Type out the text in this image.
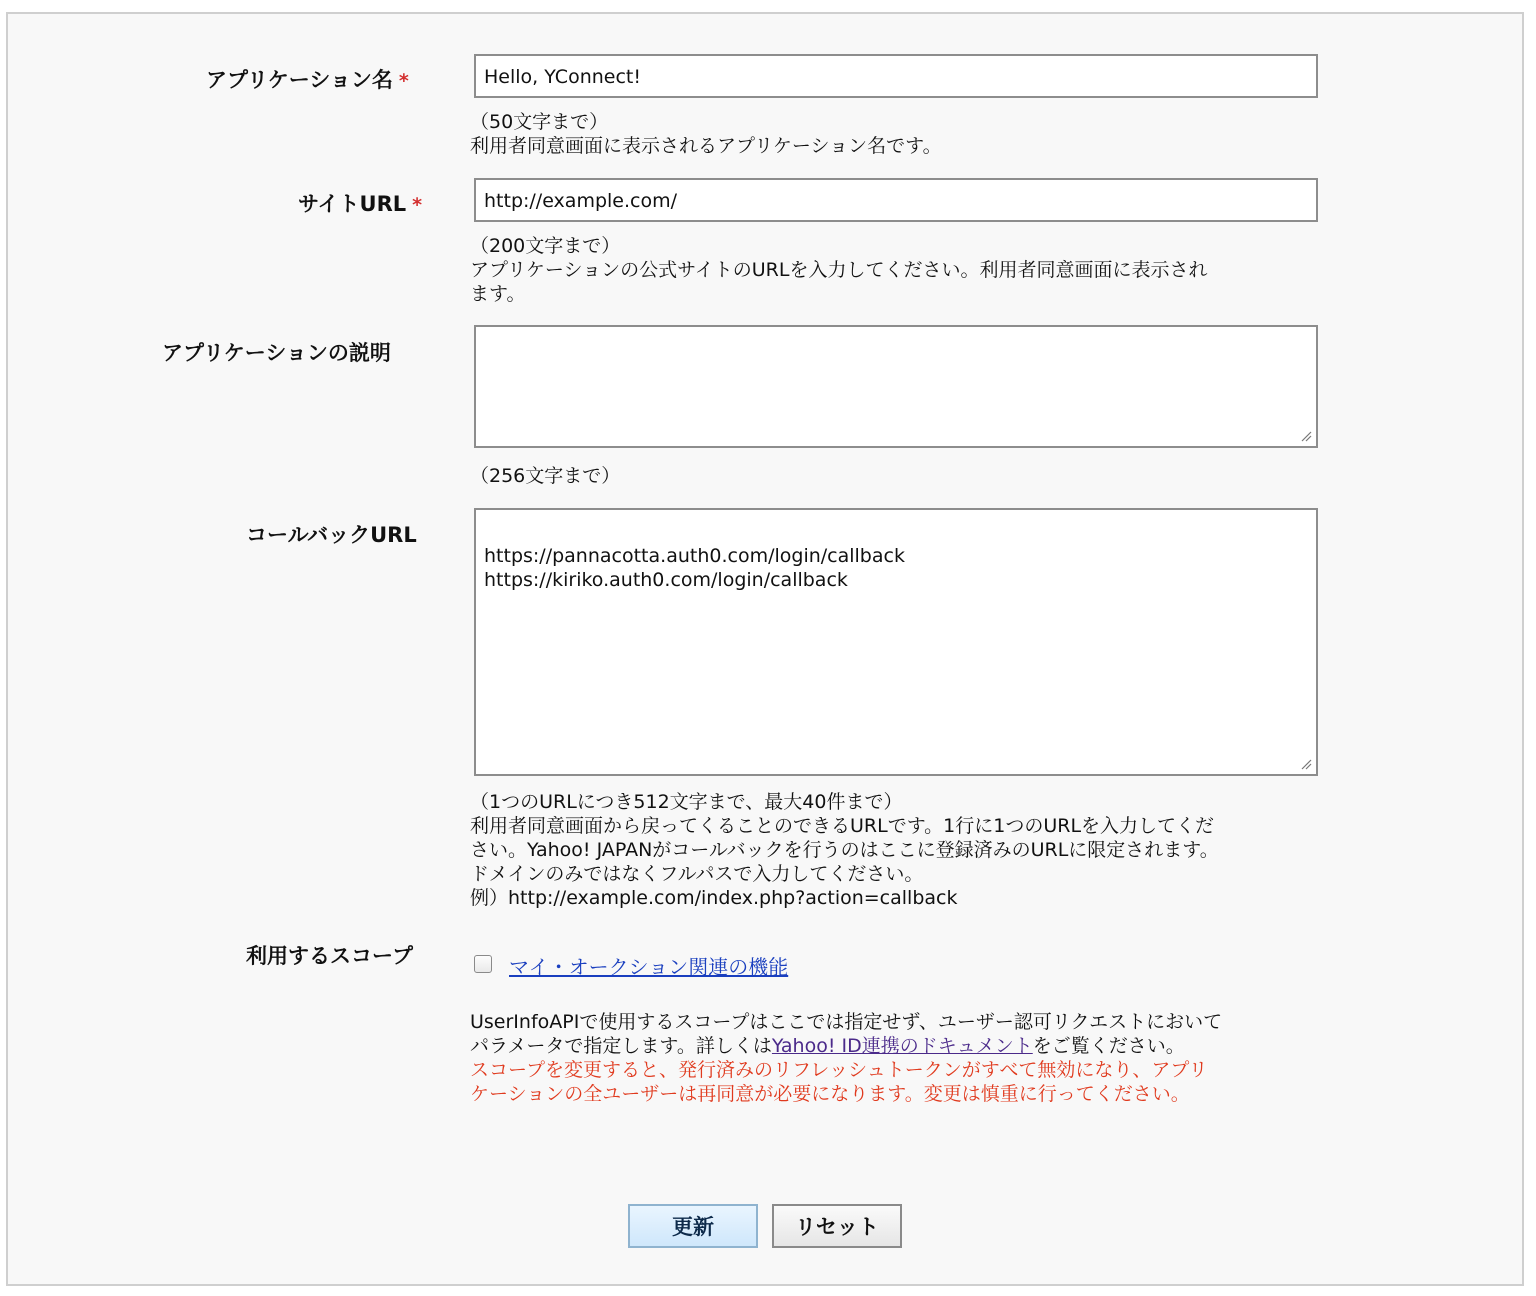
アプリケーション名 *	Hello, YConnect!
（50文字まで）
利用者同意画面に表示されるアプリケーション名です。
サイトURL *	http://example.com/
（200文字まで）
アプリケーションの公式サイトのURLを入力してください。利用者同意画面に表示され
ます。
アプリケーションの説明

（256文字まで）
コールバックURL

https://pannacotta.auth0.com/login/callback
https://kiriko.auth0.com/login/callback

（1つのURLにつき512文字まで、最大40件まで）
利用者同意画面から戻ってくることのできるURLです。1行に1つのURLを入力してくだ
さい。Yahoo! JAPANがコールバックを行うのはここに登録済みのURLに限定されます。
ドメインのみではなくフルパスで入力してください。
例）http://example.com/index.php?action=callback
利用するスコープ	マイ・オークション関連の機能
UserInfoAPIで使用するスコープはここでは指定せず、ユーザー認可リクエストにおいて
パラメータで指定します。詳しくはYahoo! ID連携のドキュメントをご覧ください。
スコープを変更すると、発行済みのリフレッシュトークンがすべて無効になり、アプリ
ケーションの全ユーザーは再同意が必要になります。変更は慎重に行ってください。
更新	リセット
